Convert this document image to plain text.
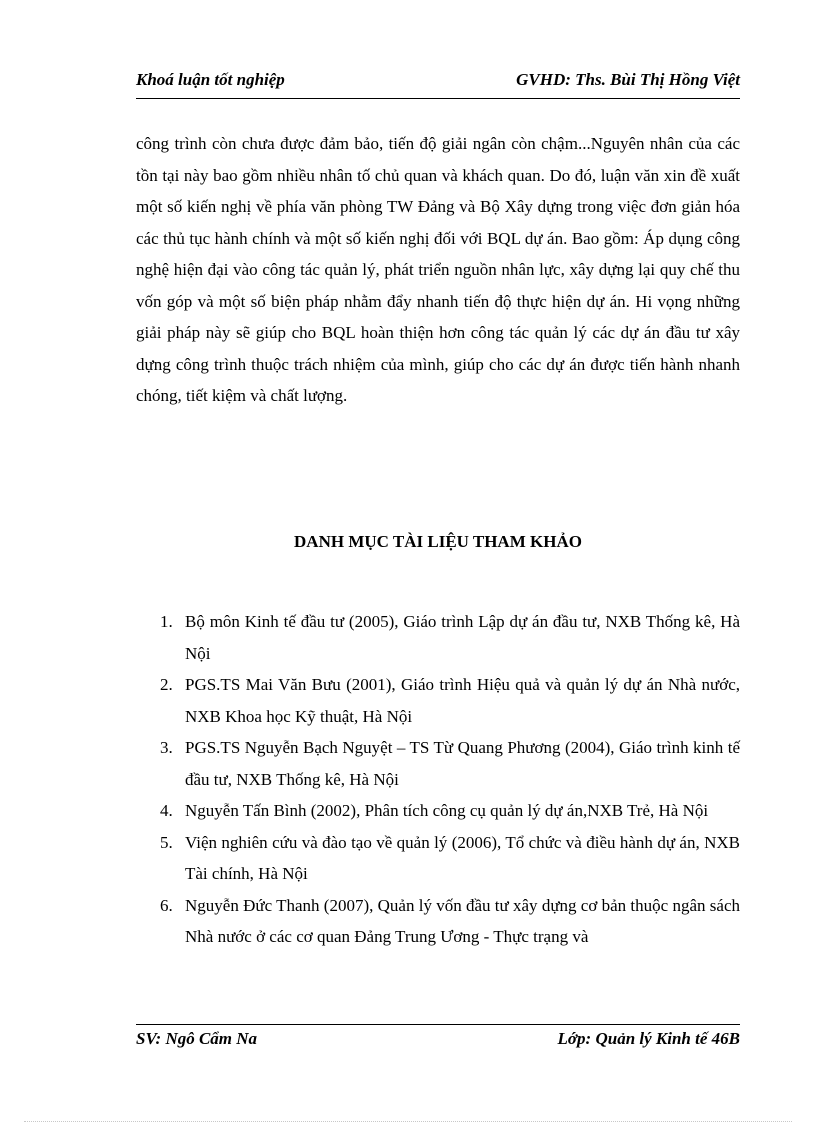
Khoá luận tốt nghiệp	GVHD: Ths. Bùi Thị Hồng Việt

công trình còn chưa được đảm bảo, tiến độ giải ngân còn chậm...Nguyên nhân của các tồn tại này bao gồm nhiều nhân tố chủ quan và khách quan. Do đó, luận văn xin đề xuất một số kiến nghị về phía văn phòng TW Đảng và Bộ Xây dựng trong việc đơn giản hóa các thủ tục hành chính và một số kiến nghị đối với BQL dự án. Bao gồm: Áp dụng công nghệ hiện đại vào công tác quản lý, phát triển nguồn nhân lực, xây dựng lại quy chế thu vốn góp và một số biện pháp nhằm đẩy nhanh tiến độ thực hiện dự án. Hi vọng những giải pháp này sẽ giúp cho BQL hoàn thiện hơn công tác quản lý các dự án đầu tư xây dựng công trình thuộc trách nhiệm của mình, giúp cho các dự án được tiến hành nhanh chóng, tiết kiệm và chất lượng.

DANH MỤC TÀI LIỆU THAM KHẢO
1. Bộ môn Kinh tế đầu tư (2005), Giáo trình Lập dự án đầu tư, NXB Thống kê, Hà Nội
2. PGS.TS Mai Văn Bưu (2001), Giáo trình Hiệu quả và quản lý dự án Nhà nước, NXB Khoa học Kỹ thuật, Hà Nội
3. PGS.TS Nguyễn Bạch Nguyệt – TS Từ Quang Phương (2004), Giáo trình kinh tế đầu tư, NXB Thống kê, Hà Nội
4. Nguyễn Tấn Bình (2002), Phân tích công cụ quản lý dự án,NXB Trẻ, Hà Nội
5. Viện nghiên cứu và đào tạo về quản lý (2006), Tổ chức và điều hành dự án, NXB Tài chính, Hà Nội
6. Nguyễn Đức Thanh (2007), Quản lý vốn đầu tư xây dựng cơ bản thuộc ngân sách Nhà nước ở các cơ quan Đảng Trung Ương - Thực trạng và
SV: Ngô Cẩm Na	Lớp: Quản lý Kinh tế 46B
